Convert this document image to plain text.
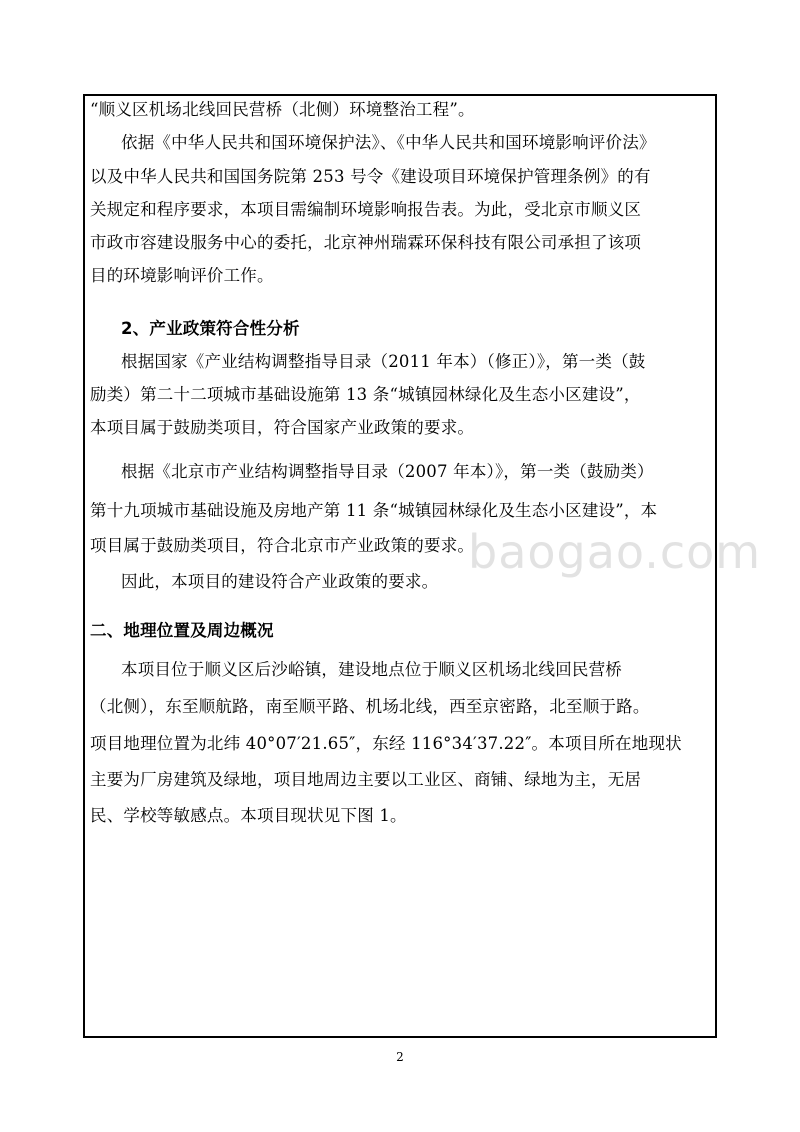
baogao.com

“顺义区机场北线回民营桥（北侧）环境整治工程”。

依据《中华人民共和国环境保护法》、《中华人民共和国环境影响评价法》

以及中华人民共和国国务院第 253 号令《建设项目环境保护管理条例》的有

关规定和程序要求，本项目需编制环境影响报告表。为此，受北京市顺义区

市政市容建设服务中心的委托，北京神州瑞霖环保科技有限公司承担了该项

目的环境影响评价工作。

2、产业政策符合性分析

根据国家《产业结构调整指导目录（2011 年本）（修正）》，第一类（鼓

励类）第二十二项城市基础设施第 13 条“城镇园林绿化及生态小区建设”，

本项目属于鼓励类项目，符合国家产业政策的要求。

根据《北京市产业结构调整指导目录（2007 年本）》，第一类（鼓励类）

第十九项城市基础设施及房地产第 11 条“城镇园林绿化及生态小区建设”，本

项目属于鼓励类项目，符合北京市产业政策的要求。

因此，本项目的建设符合产业政策的要求。

二、地理位置及周边概况

本项目位于顺义区后沙峪镇，建设地点位于顺义区机场北线回民营桥

（北侧），东至顺航路，南至顺平路、机场北线，西至京密路，北至顺于路。

项目地理位置为北纬 40°07′21.65″，东经 116°34′37.22″。本项目所在地现状

主要为厂房建筑及绿地，项目地周边主要以工业区、商铺、绿地为主，无居

民、学校等敏感点。本项目现状见下图 1。

2
